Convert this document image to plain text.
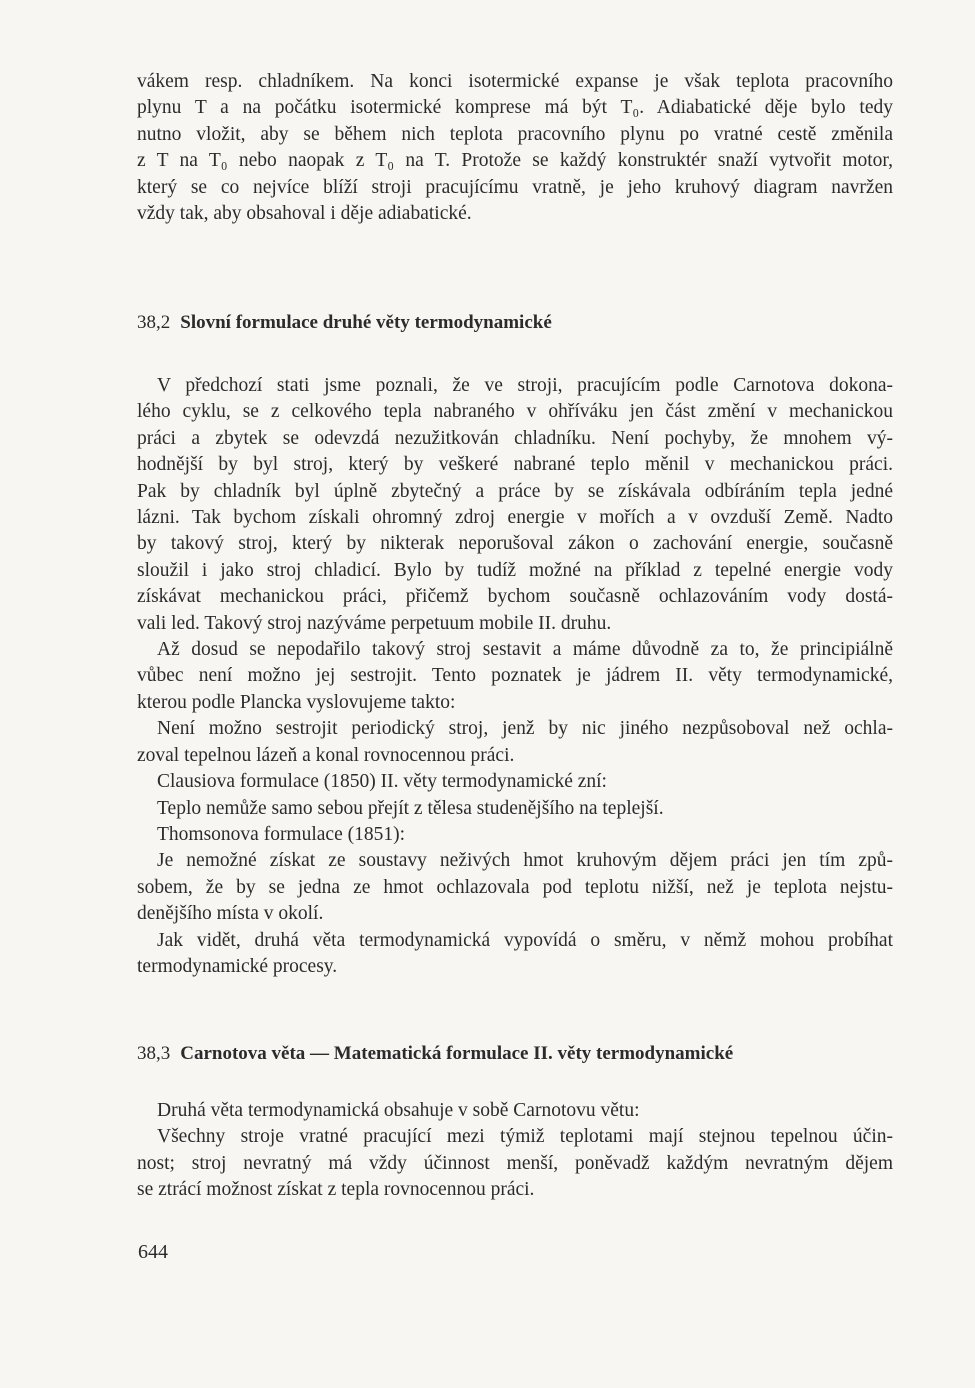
vákem resp. chladníkem. Na konci isotermické expanse je však teplota pracovního
plynu T a na počátku isotermické komprese má být T₀. Adiabatické děje bylo tedy
nutno vložit, aby se během nich teplota pracovního plynu po vratné cestě změnila
z T na T₀ nebo naopak z T₀ na T. Protože se každý konstruktér snaží vytvořit motor,
který se co nejvíce blíží stroji pracujícímu vratně, je jeho kruhový diagram navržen
vždy tak, aby obsahoval i děje adiabatické.
38,2 Slovní formulace druhé věty termodynamické
V předchozí stati jsme poznali, že ve stroji, pracujícím podle Carnotova dokona-
lého cyklu, se z celkového tepla nabraného v ohříváku jen část změní v mechanickou
práci a zbytek se odevzdá nezužitkován chladníku. Není pochyby, že mnohem vý-
hodnější by byl stroj, který by veškeré nabrané teplo měnil v mechanickou práci.
Pak by chladník byl úplně zbytečný a práce by se získávala odbíráním tepla jedné
lázni. Tak bychom získali ohromný zdroj energie v mořích a v ovzduší Země. Nadto
by takový stroj, který by nikterak neporušoval zákon o zachování energie, současně
sloužil i jako stroj chladicí. Bylo by tudíž možné na příklad z tepelné energie vody
získávat mechanickou práci, přičemž bychom současně ochlazováním vody dostá-
vali led. Takový stroj nazýváme perpetuum mobile II. druhu.
Až dosud se nepodařilo takový stroj sestavit a máme důvodně za to, že principiálně
vůbec není možno jej sestrojit. Tento poznatek je jádrem II. věty termodynamické,
kterou podle Plancka vyslovujeme takto:
Není možno sestrojit periodický stroj, jenž by nic jiného nezpůsoboval než ochla-
zoval tepelnou lázeň a konal rovnocennou práci.
Clausiova formulace (1850) II. věty termodynamické zní:
Teplo nemůže samo sebou přejít z tělesa studenějšího na teplejší.
Thomsonova formulace (1851):
Je nemožné získat ze soustavy neživých hmot kruhovým dějem práci jen tím způ-
sobem, že by se jedna ze hmot ochlazovala pod teplotu nižší, než je teplota nejstu-
denějšího místa v okolí.
Jak vidět, druhá věta termodynamická vypovídá o směru, v němž mohou probíhat
termodynamické procesy.
38,3 Carnotova věta — Matematická formulace II. věty termodynamické
Druhá věta termodynamická obsahuje v sobě Carnotovu větu:
Všechny stroje vratné pracující mezi týmiž teplotami mají stejnou tepelnou účin-
nost; stroj nevratný má vždy účinnost menší, poněvadž každým nevratným dějem
se ztrácí možnost získat z tepla rovnocennou práci.
644
